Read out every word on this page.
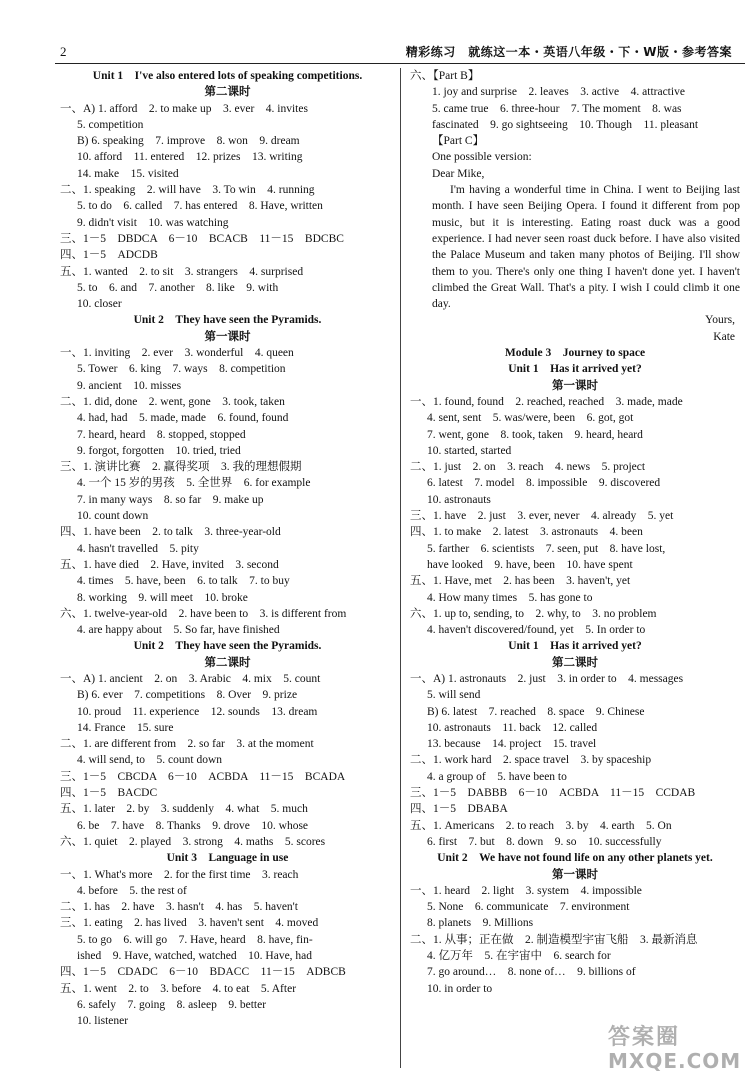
2	精彩练习　就练这一本・英语八年级・下・W版・参考答案
Unit 1　I've also entered lots of speaking competitions.
第二课时
一、A) 1. afford　2. to make up　3. ever　4. invites
5. competition
B) 6. speaking　7. improve　8. won　9. dream
10. afford　11. entered　12. prizes　13. writing
14. make　15. visited
二、1. speaking　2. will have　3. To win　4. running
5. to do　6. called　7. has entered　8. Have, written
9. didn't visit　10. was watching
三、1－5　DBDCA　6－10　BCACB　11－15　BDCBC
四、1－5　ADCDB
五、1. wanted　2. to sit　3. strangers　4. surprised
5. to　6. and　7. another　8. like　9. with
10. closer
Unit 2　They have seen the Pyramids.
第一课时
一、1. inviting　2. ever　3. wonderful　4. queen
5. Tower　6. king　7. ways　8. competition
9. ancient　10. misses
二、1. did, done　2. went, gone　3. took, taken
4. had, had　5. made, made　6. found, found
7. heard, heard　8. stopped, stopped
9. forgot, forgotten　10. tried, tried
三、1. 演讲比赛　2. 赢得奖项　3. 我的理想假期
4. 一个 15 岁的男孩　5. 全世界　6. for example
7. in many ways　8. so far　9. make up
10. count down
四、1. have been　2. to talk　3. three-year-old
4. hasn't travelled　5. pity
五、1. have died　2. Have, invited　3. second
4. times　5. have, been　6. to talk　7. to buy
8. working　9. will meet　10. broke
六、1. twelve-year-old　2. have been to　3. is different from
4. are happy about　5. So far, have finished
Unit 2　They have seen the Pyramids.
第二课时
一、A) 1. ancient　2. on　3. Arabic　4. mix　5. count
B) 6. ever　7. competitions　8. Over　9. prize
10. proud　11. experience　12. sounds　13. dream
14. France　15. sure
二、1. are different from　2. so far　3. at the moment
4. will send, to　5. count down
三、1－5　CBCDA　6－10　ACBDA　11－15　BCADA
四、1－5　BACDC
五、1. later　2. by　3. suddenly　4. what　5. much
6. be　7. have　8. Thanks　9. drove　10. whose
六、1. quiet　2. played　3. strong　4. maths　5. scores
Unit 3　Language in use
一、1. What's more　2. for the first time　3. reach
4. before　5. the rest of
二、1. has　2. have　3. hasn't　4. has　5. haven't
三、1. eating　2. has lived　3. haven't sent　4. moved
5. to go　6. will go　7. Have, heard　8. have, fin-
ished　9. Have, watched, watched　10. Have, had
四、1－5　CDADC　6－10　BDACC　11－15　ADBCB
五、1. went　2. to　3. before　4. to eat　5. After
6. safely　7. going　8. asleep　9. better
10. listener
六、【Part B】
1. joy and surprise　2. leaves　3. active　4. attractive
5. came true　6. three-hour　7. The moment　8. was
fascinated　9. go sightseeing　10. Though　11. pleasant
【Part C】
One possible version:
Dear Mike,
I'm having a wonderful time in China. I went to Beijing last month. I have seen Beijing Opera. I found it different from pop music, but it is interesting. Eating roast duck was a good experience. I had never seen roast duck before. I have also visited the Palace Museum and taken many photos of Beijing. I'll show them to you. There's only one thing I haven't done yet. I haven't climbed the Great Wall. That's a pity. I wish I could climb it one day.
Yours,
Kate
Module 3　Journey to space
Unit 1　Has it arrived yet?
第一课时
一、1. found, found　2. reached, reached　3. made, made
4. sent, sent　5. was/were, been　6. got, got
7. went, gone　8. took, taken　9. heard, heard
10. started, started
二、1. just　2. on　3. reach　4. news　5. project
6. latest　7. model　8. impossible　9. discovered
10. astronauts
三、1. have　2. just　3. ever, never　4. already　5. yet
四、1. to make　2. latest　3. astronauts　4. been
5. farther　6. scientists　7. seen, put　8. have lost,
have looked　9. have, been　10. have spent
五、1. Have, met　2. has been　3. haven't, yet
4. How many times　5. has gone to
六、1. up to, sending, to　2. why, to　3. no problem
4. haven't discovered/found, yet　5. In order to
Unit 1　Has it arrived yet?
第二课时
一、A) 1. astronauts　2. just　3. in order to　4. messages
5. will send
B) 6. latest　7. reached　8. space　9. Chinese
10. astronauts　11. back　12. called
13. because　14. project　15. travel
二、1. work hard　2. space travel　3. by spaceship
4. a group of　5. have been to
三、1－5　DABBB　6－10　ACBDA　11－15　CCDAB
四、1－5　DBABA
五、1. Americans　2. to reach　3. by　4. earth　5. On
6. first　7. but　8. down　9. so　10. successfully
Unit 2　We have not found life on any other planets yet.
第一课时
一、1. heard　2. light　3. system　4. impossible
5. None　6. communicate　7. environment
8. planets　9. Millions
二、1. 从事；正在做　2. 制造模型宇宙飞船　3. 最新消息
4. 亿万年　5. 在宇宙中　6. search for
7. go around…　8. none of…　9. billions of
10. in order to
答案圈
MXQE.COM
